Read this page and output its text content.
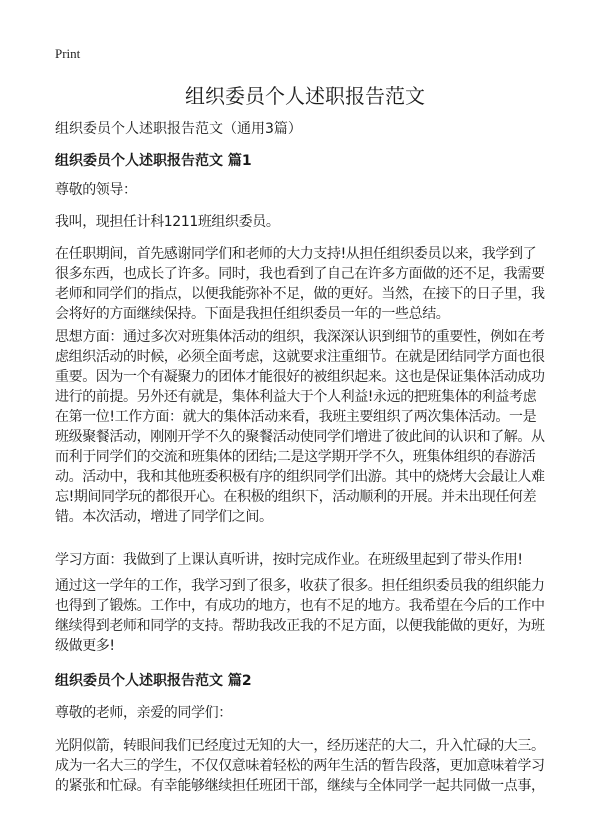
Print
组织委员个人述职报告范文
组织委员个人述职报告范文（通用3篇）
组织委员个人述职报告范文 篇1
尊敬的领导：
我叫，现担任计科1211班组织委员。
在任职期间，首先感谢同学们和老师的大力支持!从担任组织委员以来，我学到了
很多东西，也成长了许多。同时，我也看到了自己在许多方面做的还不足，我需要
老师和同学们的指点，以便我能弥补不足，做的更好。当然，在接下的日子里，我
会将好的方面继续保持。下面是我担任组织委员一年的一些总结。
思想方面：通过多次对班集体活动的组织，我深深认识到细节的重要性，例如在考
虑组织活动的时候，必须全面考虑，这就要求注重细节。在就是团结同学方面也很
重要。因为一个有凝聚力的团体才能很好的被组织起来。这也是保证集体活动成功
进行的前提。另外还有就是，集体利益大于个人利益!永远的把班集体的利益考虑
在第一位!工作方面：就大的集体活动来看，我班主要组织了两次集体活动。一是
班级聚餐活动，刚刚开学不久的聚餐活动使同学们增进了彼此间的认识和了解。从
而利于同学们的交流和班集体的团结;二是这学期开学不久，班集体组织的春游活
动。活动中，我和其他班委积极有序的组织同学们出游。其中的烧烤大会最让人难
忘!期间同学玩的都很开心。在积极的组织下，活动顺利的开展。并未出现任何差
错。本次活动，增进了同学们之间。
学习方面：我做到了上课认真听讲，按时完成作业。在班级里起到了带头作用!
通过这一学年的工作，我学习到了很多，收获了很多。担任组织委员我的组织能力
也得到了锻炼。工作中，有成功的地方，也有不足的地方。我希望在今后的工作中
继续得到老师和同学的支持。帮助我改正我的不足方面，以便我能做的更好，为班
级做更多!
组织委员个人述职报告范文 篇2
尊敬的老师，亲爱的同学们：
光阴似箭，转眼间我们已经度过无知的大一，经历迷茫的大二，升入忙碌的大三。
成为一名大三的学生，不仅仅意味着轻松的两年生活的暂告段落，更加意味着学习
的紧张和忙碌。有幸能够继续担任班团干部，继续与全体同学一起共同做一点事，
